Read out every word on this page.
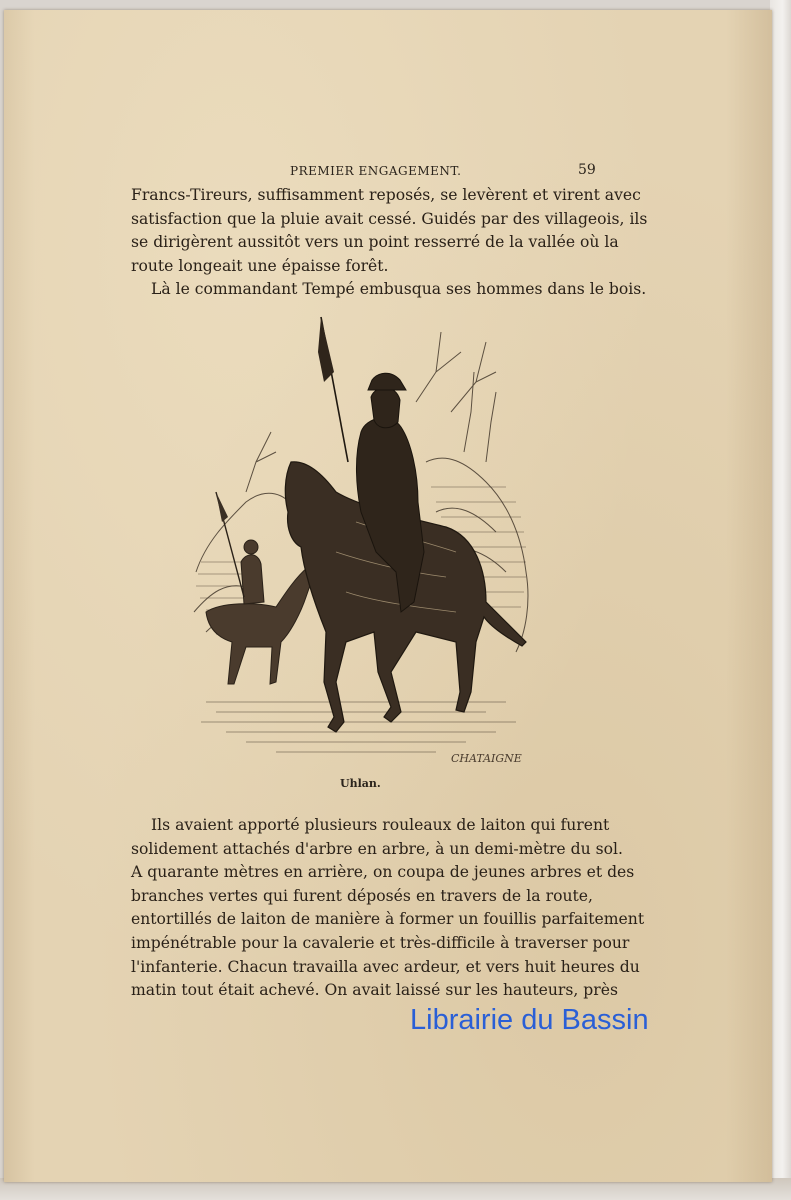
PREMIER ENGAGEMENT.	59
Francs-Tireurs, suffisamment reposés, se levèrent et virent avec
satisfaction que la pluie avait cessé. Guidés par des villageois, ils
se dirigèrent aussitôt vers un point resserré de la vallée où la
route longeait une épaisse forêt.
Là le commandant Tempé embusqua ses hommes dans le bois.
CHATAIGNE
Uhlan.
Ils avaient apporté plusieurs rouleaux de laiton qui furent
solidement attachés d'arbre en arbre, à un demi-mètre du sol.
A quarante mètres en arrière, on coupa de jeunes arbres et des
branches vertes qui furent déposés en travers de la route,
entortillés de laiton de manière à former un fouillis parfaitement
impénétrable pour la cavalerie et très-difficile à traverser pour
l'infanterie. Chacun travailla avec ardeur, et vers huit heures du
matin tout était achevé. On avait laissé sur les hauteurs, près
Librairie du Bassin
